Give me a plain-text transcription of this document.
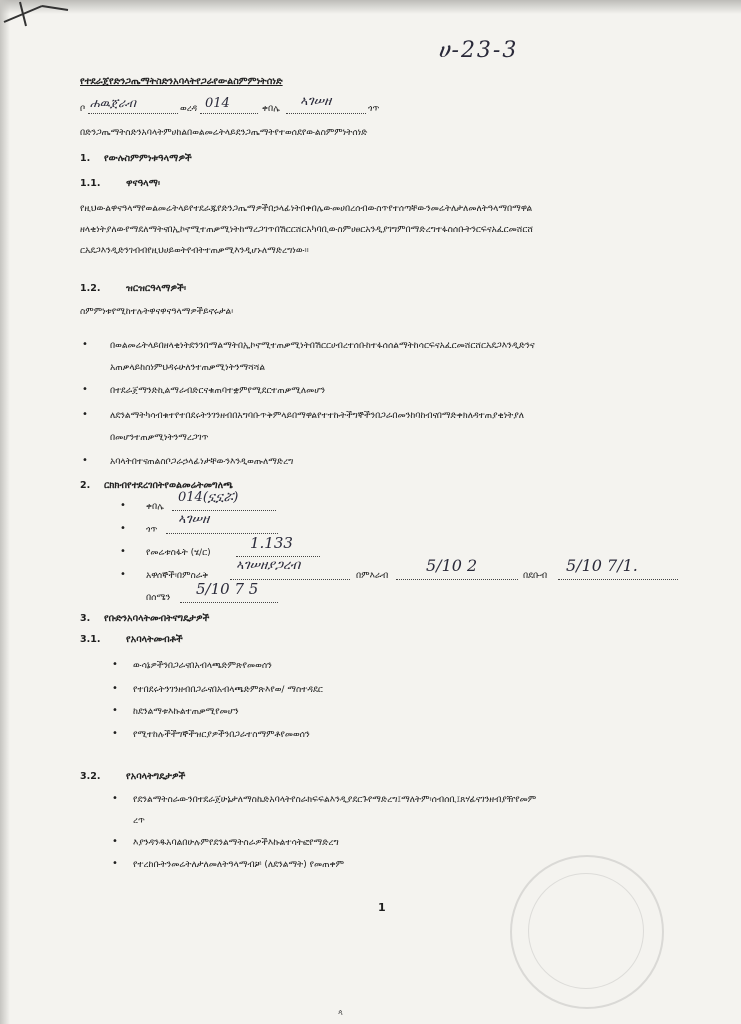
ሀ-23-3
የተደራጀየድንጋጤማትስድንአባላትየጋራየውልስምምነትሰነድ
ቦ ሐዉጀራብ	ወረዳ 014	ቀበሌ ኣገሠዘ	ጎጥ
በድንጋጤማትስድንአባላትምሀከልበወልመሬትላይደንጋጤማትየተወሰደየውልስምምነትሰነድ
1. የውሉስምምነቱዓላማዎች
1.1.	ዋናዓላማ፡
የዚህውልዋናዓላማየወልመሬትላይየተደራጁየድንጋጤማዎችበኃላፊነትበቀበሌውመሀበረሰብውስጥየተሰጣቸውንመሬትለታለመለትዓላማበማዋል
ዘላቂነትያለውየማደለማትናበኢኮኖሚተጠቃሚነትከማረጋገጥበሽርርሸርአካባቢውስምሀፀርአንዲያገግምበማድረግተፋስሰቡትንርፍናአፈርመሸርሸ
ርአደጋእንዲድንገብብየዚህሀይወትየብትተጠቃሚእንዲሆኑለማድረግነው።
1.2.	ዝርዝርዓላማዎች፡
ስምምነቱየሚከተሉትዋናዋናዓላማዎችይኖሩታል፡
• በወልመሬትላይበዘላቂነትደንንበማልማትበኢኮኖሚተጠቃሚነትበሽርርሀብረተሰቡከተፋሰሰልማትከሳርፍናአፈርመሸርሸርአደጋእንዲድንና
አጠቃላይከስነምህዳሩሁለንተጠቃሚነትንማሻሻል
• በተደራጀማንድኪልማራብድርናቁጠባተቋምየሚደርተጠቃሚለመሆን
• ለደንልማትካሳብቁተየተበደሩትንገንዘብበአግባቡጥቅምላይበማዋልየተተኩትችግኞችንበጋራበመንከባከብናበማድቀክለዳተጠያቂነትያለ
በመሆንተጠቃሚነትንማረጋገጥ
• አባላትበተናጠልስቦጋራኃላፊነታቸውንእንዲወጡለማድረግ
2. ርክክብየተደረገበትየወልመሬትመግለጫ
• ቀበሌ
014(ኗኗሯ)
• ጎጥ
ኣገሠዘ
• የመሬቱስፋት (ሄ/ር)
1.133
• አዋሰኞች፡በምስራቅ
ኣገሠዘያጋረብ
በምእራብ
5/10 2
በደቡብ
5/10 7/1.
በሰሜን 5/10 7 5
3. የቡድንአባላትመብትናግዴታዎች
3.1.	የአባላትመብቶች
• ውሳኔዎችንበጋራናበአብላጫድምጽየመወሰን
• የተበደሩትንገንዘብበጋራናበአብላጫድምጽእየወ/ ማስተዳደር
• ከደንልማቱእኩልተጠቃሚየመሆን
• የሚተከሉችችግኞችዝርያዎችንበጋራተስማምቶየመወሰን
3.2.	የአባላትግዴታዎች
• የደንልማትስራውንበተደራጀሁኔታለማስኬድአባላትየስራክፍፍልእንዲያደርጉየማድረግ፤ማለትም፡ሰብሰቢ፤ጸሃፊናገንዘብያዥየመም
ረጥ
• እያንዳንዱአባልበሁሉምየደንልማትስራዎችእኩልተሳትፎየማድረግ
• የተረከቡትንመሬትለታለመለትዓላማብቻ (ለደንልማት) የመጠቀም
1
ጳ
